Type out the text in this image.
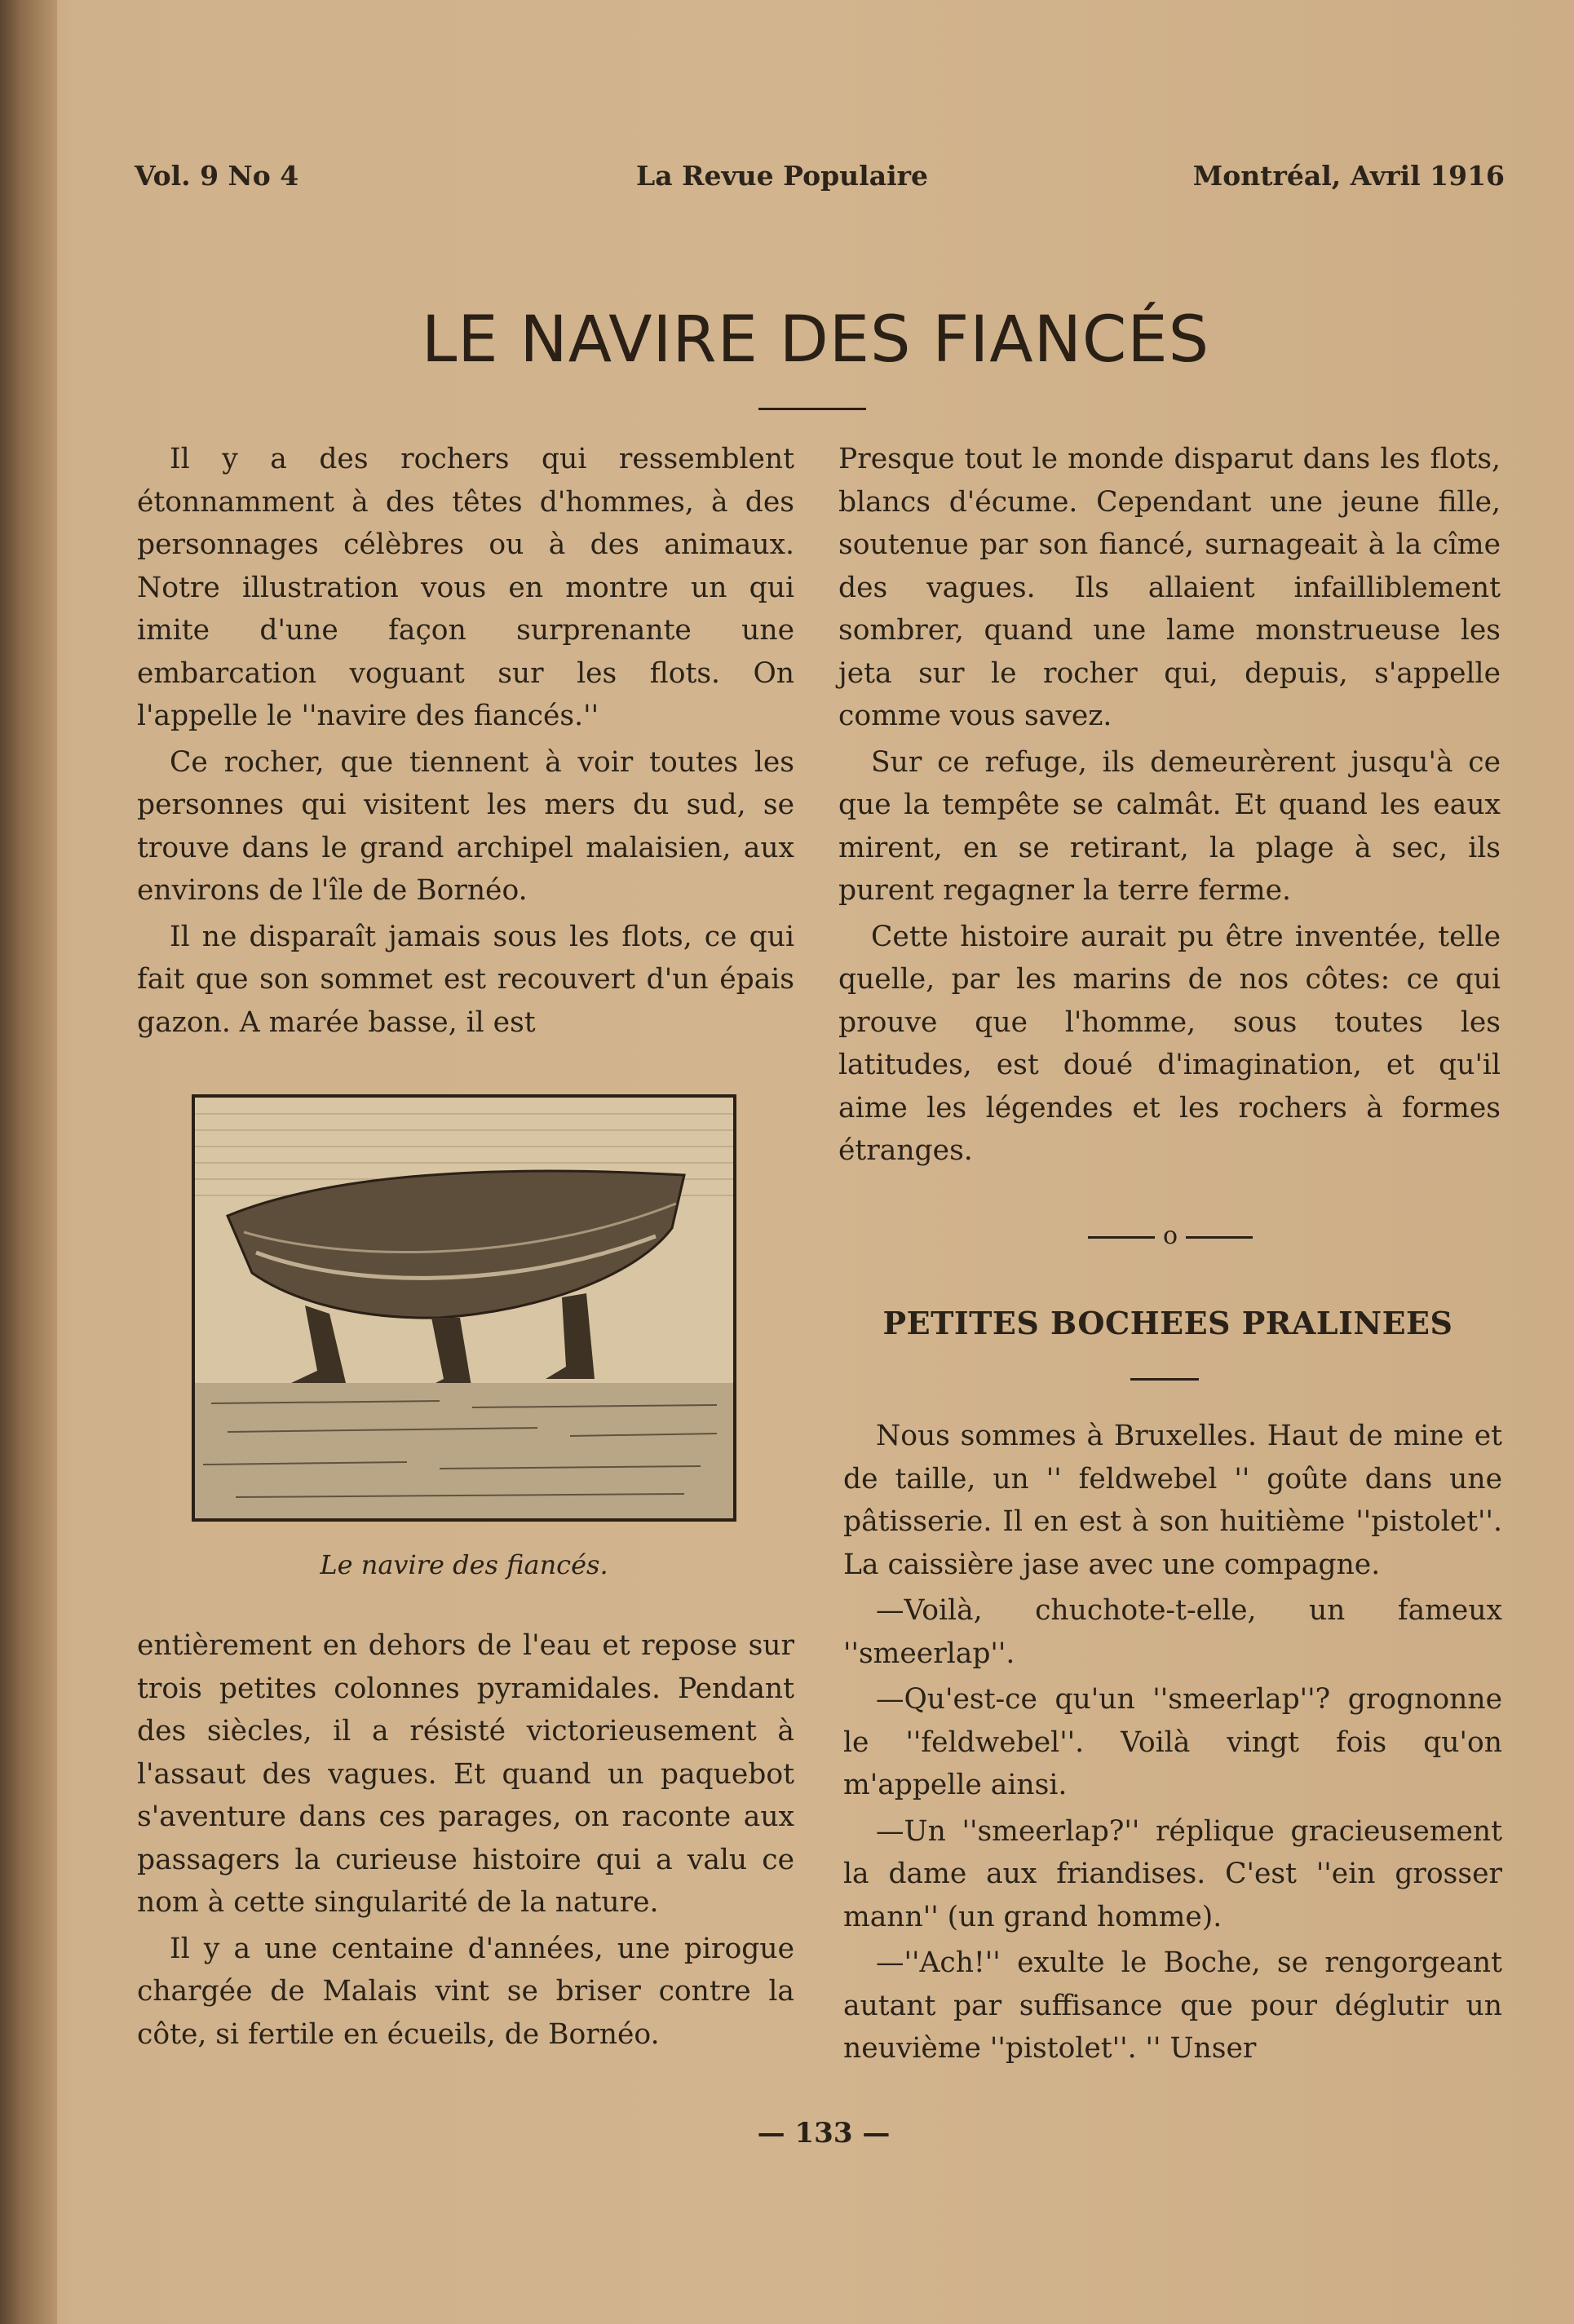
Vol. 9 No 4	La Revue Populaire	Montréal, Avril 1916
LE NAVIRE DES FIANCÉS

Il y a des rochers qui ressemblent étonnamment à des têtes d'hommes, à des personnages célèbres ou à des animaux. Notre illustration vous en montre un qui imite d'une façon surprenante une embarcation voguant sur les flots. On l'appelle le ''navire des fiancés.''

Ce rocher, que tiennent à voir toutes les personnes qui visitent les mers du sud, se trouve dans le grand archipel malaisien, aux environs de l'île de Bornéo.

Il ne disparaît jamais sous les flots, ce qui fait que son sommet est recouvert d'un épais gazon. A marée basse, il est

Le navire des fiancés.

entièrement en dehors de l'eau et repose sur trois petites colonnes pyramidales. Pendant des siècles, il a résisté victorieusement à l'assaut des vagues. Et quand un paquebot s'aventure dans ces parages, on raconte aux passagers la curieuse histoire qui a valu ce nom à cette singularité de la nature.

Il y a une centaine d'années, une pirogue chargée de Malais vint se briser contre la côte, si fertile en écueils, de Bornéo.

Presque tout le monde disparut dans les flots, blancs d'écume. Cependant une jeune fille, soutenue par son fiancé, surnageait à la cîme des vagues. Ils allaient infailliblement sombrer, quand une lame monstrueuse les jeta sur le rocher qui, depuis, s'appelle comme vous savez.

Sur ce refuge, ils demeurèrent jusqu'à ce que la tempête se calmât. Et quand les eaux mirent, en se retirant, la plage à sec, ils purent regagner la terre ferme.

Cette histoire aurait pu être inventée, telle quelle, par les marins de nos côtes: ce qui prouve que l'homme, sous toutes les latitudes, est doué d'imagination, et qu'il aime les légendes et les rochers à formes étranges.

o
PETITES BOCHEES PRALINEES

Nous sommes à Bruxelles. Haut de mine et de taille, un '' feldwebel '' goûte dans une pâtisserie. Il en est à son huitième ''pistolet''. La caissière jase avec une compagne.

—Voilà, chuchote-t-elle, un fameux ''smeerlap''.

—Qu'est-ce qu'un ''smeerlap''? grognonne le ''feldwebel''. Voilà vingt fois qu'on m'appelle ainsi.

—Un ''smeerlap?'' réplique gracieusement la dame aux friandises. C'est ''ein grosser mann'' (un grand homme).

—''Ach!'' exulte le Boche, se rengorgeant autant par suffisance que pour déglutir un neuvième ''pistolet''. '' Unser

— 133 —
